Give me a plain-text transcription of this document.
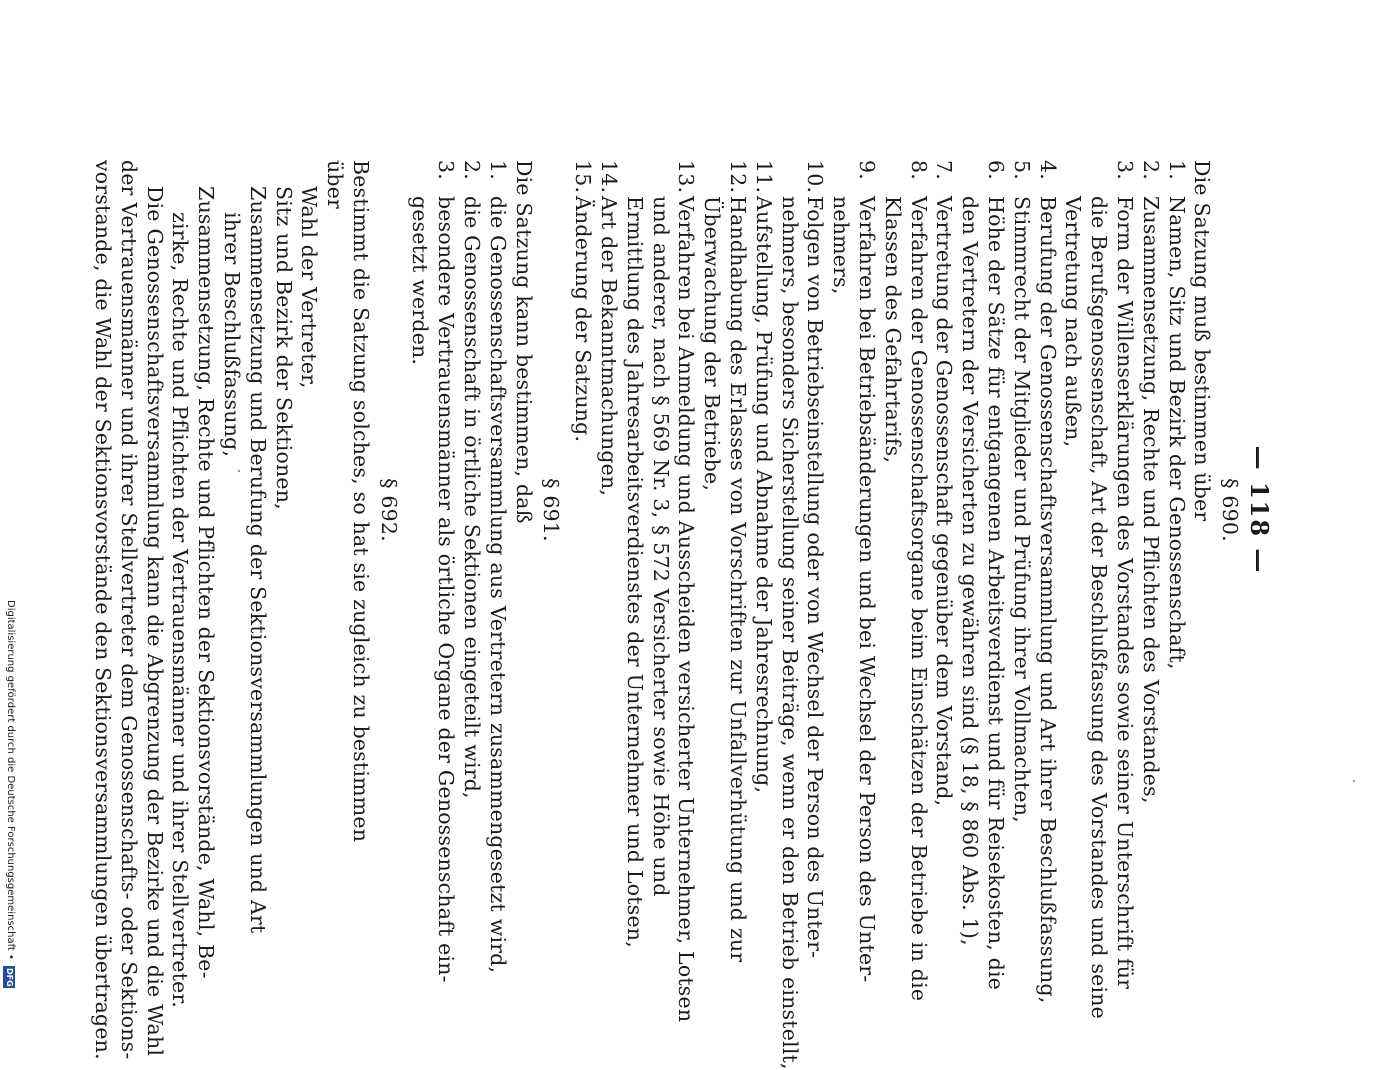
— 118 —
§ 690.

Die Satzung muß bestimmen über

1.
Namen, Sitz und Bezirk der Genossenschaft,
2.
Zusammensetzung, Rechte und Pflichten des Vorstandes,
3.
Form der Willenserklärungen des Vorstandes sowie seiner Unterschrift für
die Berufsgenossenschaft, Art der Beschlußfassung des Vorstandes und seine
Vertretung nach außen,
4.
Berufung der Genossenschaftsversammlung und Art ihrer Beschlußfassung,
5.
Stimmrecht der Mitglieder und Prüfung ihrer Vollmachten,
6.
Höhe der Sätze für entgangenen Arbeitsverdienst und für Reisekosten, die
den Vertretern der Versicherten zu gewähren sind (§ 18, § 860 Abs. 1),
7.
Vertretung der Genossenschaft gegenüber dem Vorstand,
8.
Verfahren der Genossenschaftsorgane beim Einschätzen der Betriebe in die
Klassen des Gefahrtarifs,
9.
Verfahren bei Betriebsänderungen und bei Wechsel der Person des Unter-
nehmers,
10.
Folgen von Betriebseinstellung oder von Wechsel der Person des Unter-
nehmers, besonders Sicherstellung seiner Beiträge, wenn er den Betrieb einstellt,
11.
Aufstellung, Prüfung und Abnahme der Jahresrechnung,
12.
Handhabung des Erlasses von Vorschriften zur Unfallverhütung und zur
Überwachung der Betriebe,
13.
Verfahren bei Anmeldung und Ausscheiden versicherter Unternehmer, Lotsen
und anderer, nach § 569 Nr. 3, § 572 Versicherter sowie Höhe und
Ermittlung des Jahresarbeitsverdienstes der Unternehmer und Lotsen,
14.
Art der Bekanntmachungen,
15.
Änderung der Satzung.
§ 691.

Die Satzung kann bestimmen, daß

1.
die Genossenschaftsversammlung aus Vertretern zusammengesetzt wird,
2.
die Genossenschaft in örtliche Sektionen eingeteilt wird,
3.
besondere Vertrauensmänner als örtliche Organe der Genossenschaft ein-
gesetzt werden.
§ 692.

Bestimmt die Satzung solches, so hat sie zugleich zu bestimmen über

Wahl der Vertreter,
Sitz und Bezirk der Sektionen,
Zusammensetzung und Berufung der Sektionsversammlungen und Art
ihrer Beschlußfassung,
Zusammensetzung, Rechte und Pflichten der Sektionsvorstände, Wahl, Be-
zirke, Rechte und Pflichten der Vertrauensmänner und ihrer Stellvertreter.

Die Genossenschaftsversammlung kann die Abgrenzung der Bezirke und die Wahl
der Vertrauensmänner und ihrer Stellvertreter dem Genossenschafts- oder Sektions-
vorstande, die Wahl der Sektionsvorstände den Sektionsversammlungen übertragen.

Digitalisierung gefördert durch die Deutsche Forschungsgemeinschaft •
DFG
